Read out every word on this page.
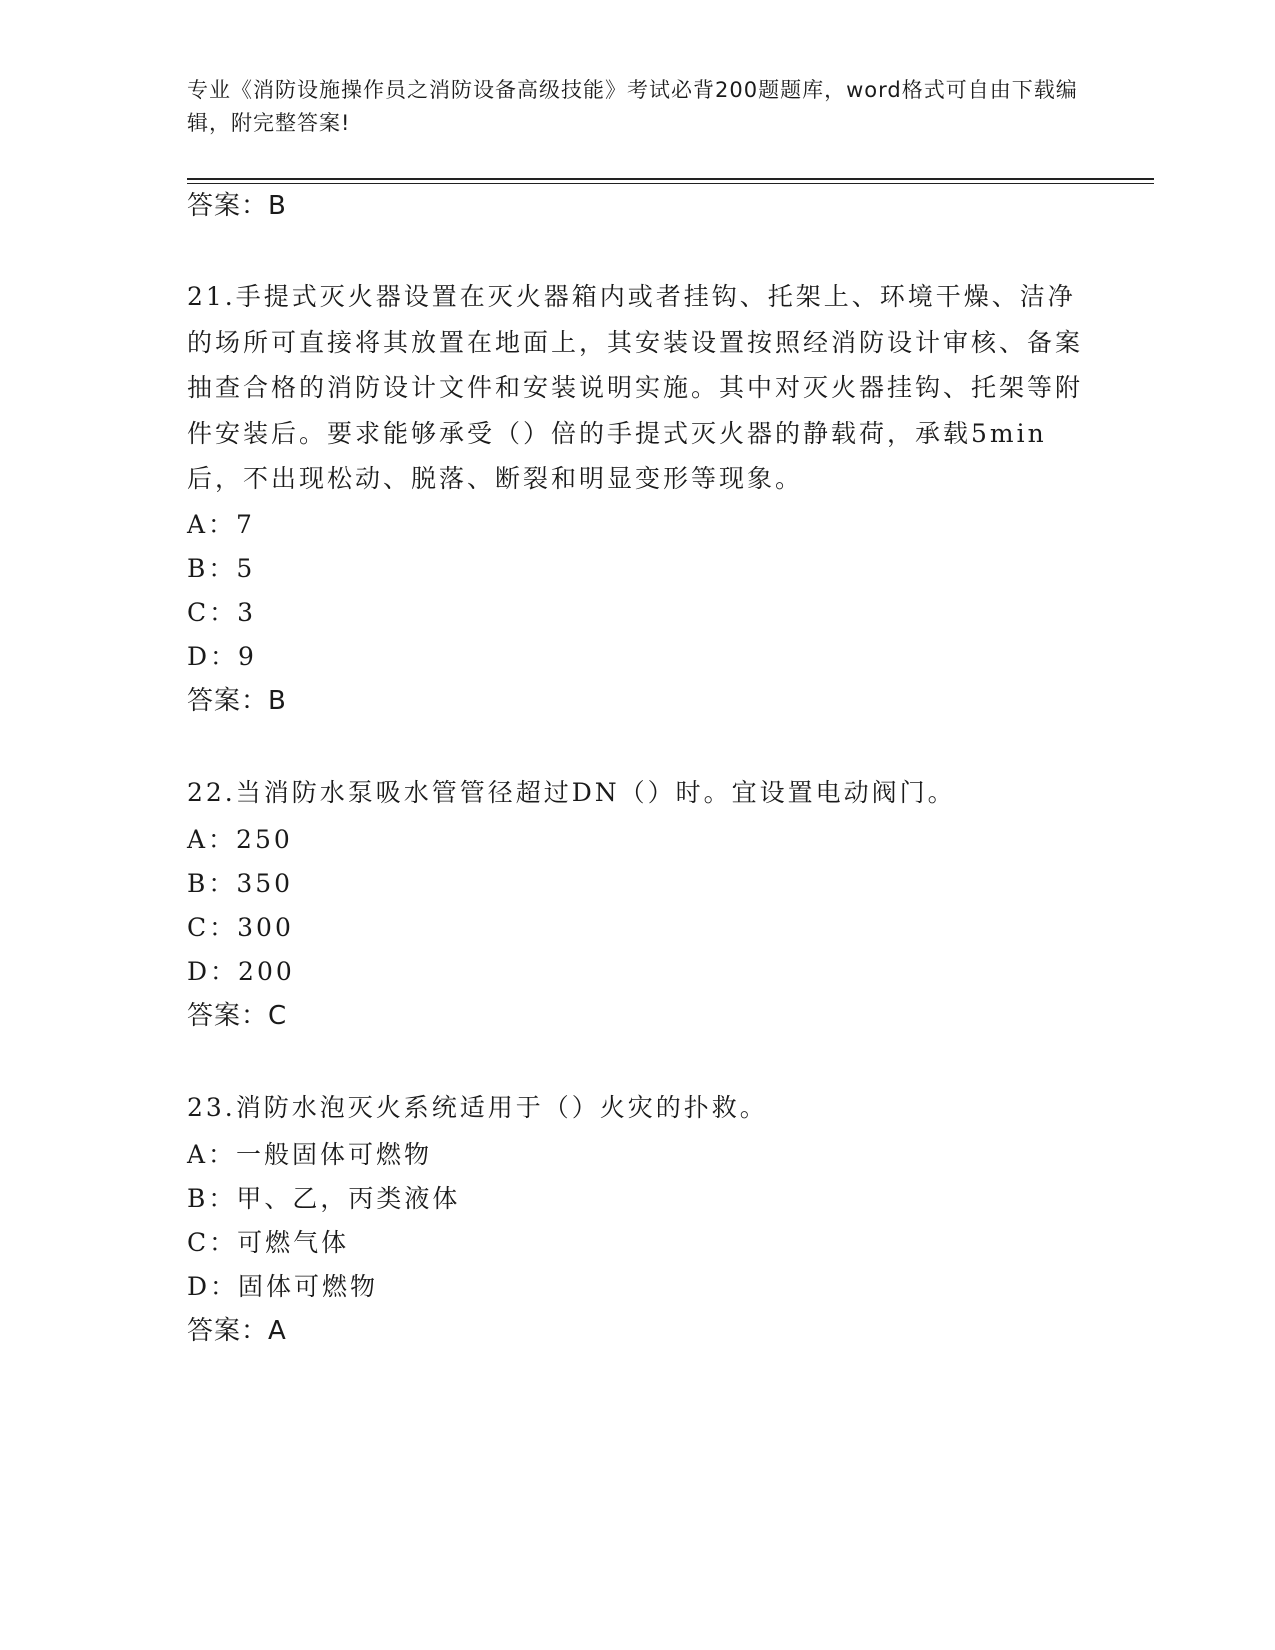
专业《消防设施操作员之消防设备高级技能》考试必背200题题库，word格式可自由下载编辑，附完整答案!
答案：B
21.手提式灭火器设置在灭火器箱内或者挂钩、托架上、环境干燥、洁净的场所可直接将其放置在地面上，其安装设置按照经消防设计审核、备案抽查合格的消防设计文件和安装说明实施。其中对灭火器挂钩、托架等附件安装后。要求能够承受（）倍的手提式灭火器的静载荷，承载5min后，不出现松动、脱落、断裂和明显变形等现象。
A：7
B：5
C：3
D：9
答案：B
22.当消防水泵吸水管管径超过DN（）时。宜设置电动阀门。
A：250
B：350
C：300
D：200
答案：C
23.消防水泡灭火系统适用于（）火灾的扑救。
A：一般固体可燃物
B：甲、乙，丙类液体
C：可燃气体
D：固体可燃物
答案：A
